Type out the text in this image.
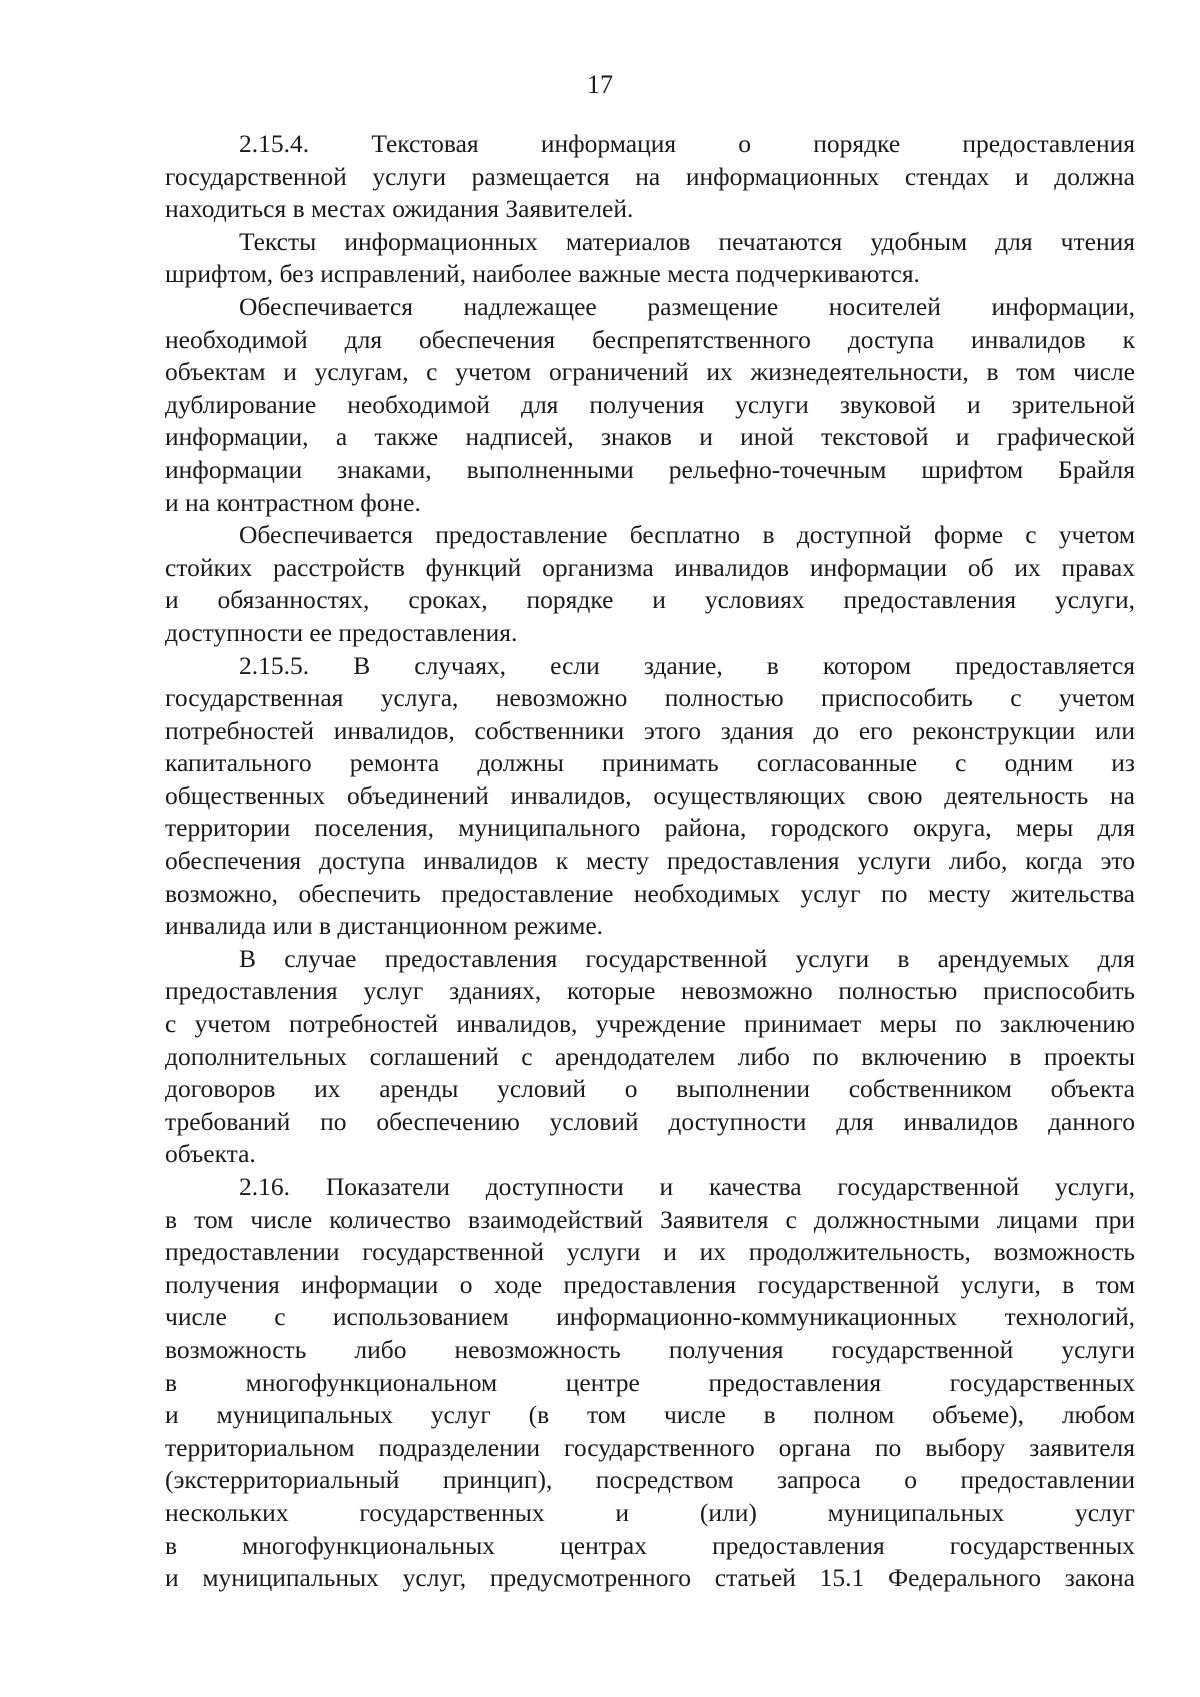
17
2.15.4. Текстовая информация о порядке предоставления
государственной услуги размещается на информационных стендах и должна
находиться в местах ожидания Заявителей.
Тексты информационных материалов печатаются удобным для чтения
шрифтом, без исправлений, наиболее важные места подчеркиваются.
Обеспечивается надлежащее размещение носителей информации,
необходимой для обеспечения беспрепятственного доступа инвалидов к
объектам и услугам, с учетом ограничений их жизнедеятельности, в том числе
дублирование необходимой для получения услуги звуковой и зрительной
информации, а также надписей, знаков и иной текстовой и графической
информации знаками, выполненными рельефно-точечным шрифтом Брайля
и на контрастном фоне.
Обеспечивается предоставление бесплатно в доступной форме с учетом
стойких расстройств функций организма инвалидов информации об их правах
и обязанностях, сроках, порядке и условиях предоставления услуги,
доступности ее предоставления.
2.15.5. В случаях, если здание, в котором предоставляется
государственная услуга, невозможно полностью приспособить с учетом
потребностей инвалидов, собственники этого здания до его реконструкции или
капитального ремонта должны принимать согласованные с одним из
общественных объединений инвалидов, осуществляющих свою деятельность на
территории поселения, муниципального района, городского округа, меры для
обеспечения доступа инвалидов к месту предоставления услуги либо, когда это
возможно, обеспечить предоставление необходимых услуг по месту жительства
инвалида или в дистанционном режиме.
В случае предоставления государственной услуги в арендуемых для
предоставления услуг зданиях, которые невозможно полностью приспособить
с учетом потребностей инвалидов, учреждение принимает меры по заключению
дополнительных соглашений с арендодателем либо по включению в проекты
договоров их аренды условий о выполнении собственником объекта
требований по обеспечению условий доступности для инвалидов данного
объекта.
2.16. Показатели доступности и качества государственной услуги,
в том числе количество взаимодействий Заявителя с должностными лицами при
предоставлении государственной услуги и их продолжительность, возможность
получения информации о ходе предоставления государственной услуги, в том
числе с использованием информационно-коммуникационных технологий,
возможность либо невозможность получения государственной услуги
в многофункциональном центре предоставления государственных
и муниципальных услуг (в том числе в полном объеме), любом
территориальном подразделении государственного органа по выбору заявителя
(экстерриториальный принцип), посредством запроса о предоставлении
нескольких государственных и (или) муниципальных услуг
в многофункциональных центрах предоставления государственных
и муниципальных услуг, предусмотренного статьей 15.1 Федерального закона
